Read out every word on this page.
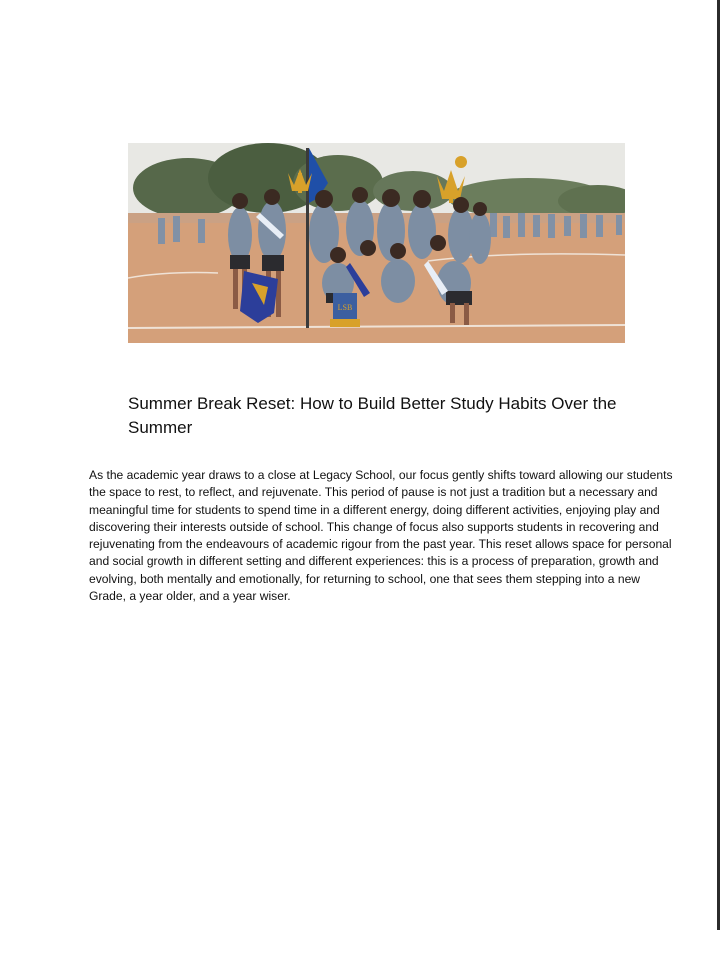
LSB
Summer Break Reset: How to Build Better Study Habits Over the Summer

As the academic year draws to a close at Legacy School, our focus gently shifts toward allowing our students the space to rest, to reflect, and rejuvenate. This period of pause is not just a tradition but a necessary and meaningful time for students to spend time in a different energy, doing different activities, enjoying play and discovering their interests outside of school. This change of focus also supports students in recovering and rejuvenating from the endeavours of academic rigour from the past year. This reset allows space for personal and social growth in different setting and different experiences: this is a process of preparation, growth and evolving, both mentally and emotionally, for returning to school, one that sees them stepping into a new Grade, a year older, and a year wiser.
